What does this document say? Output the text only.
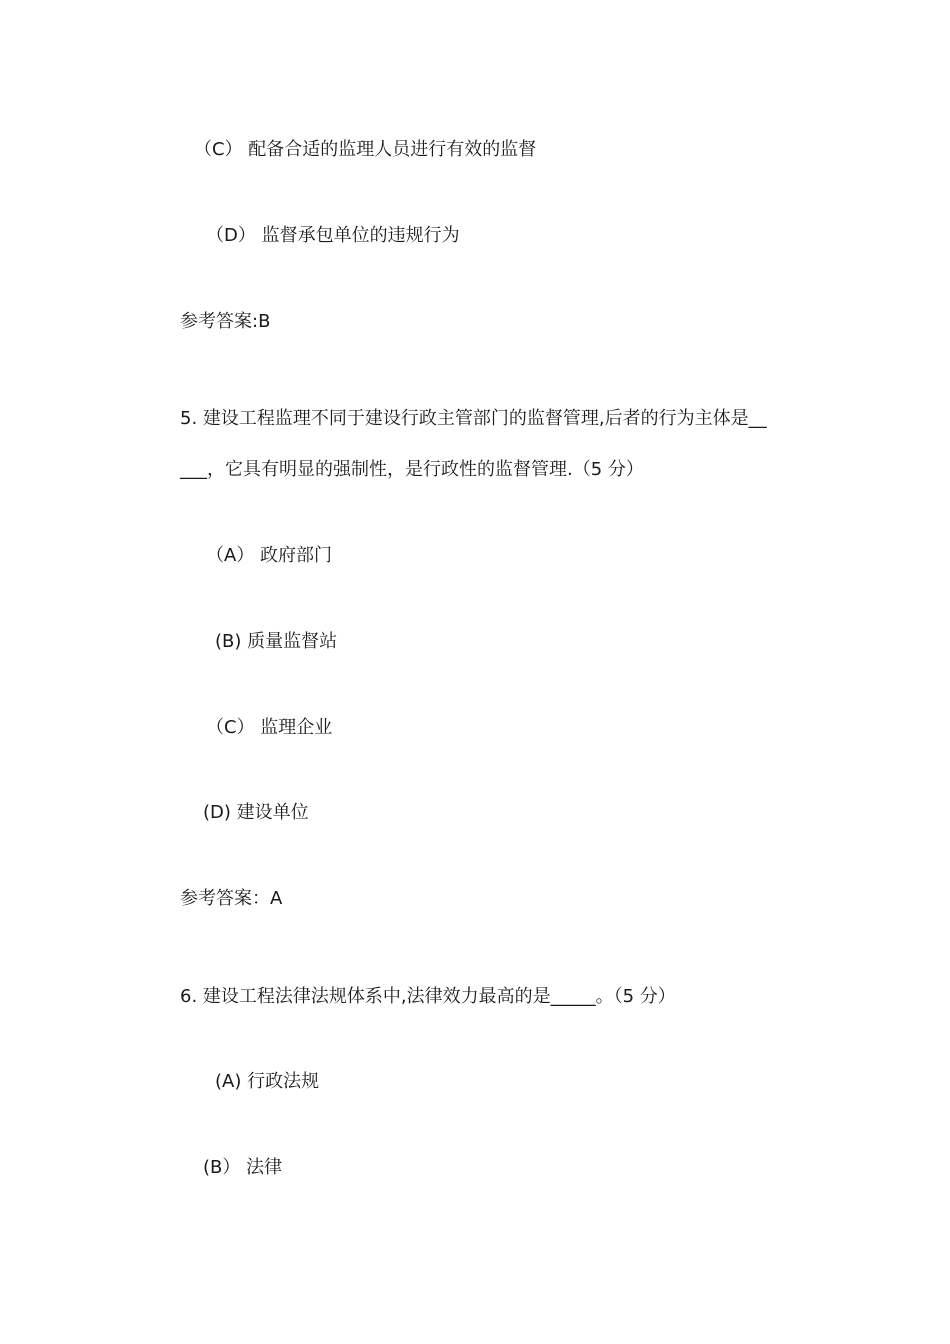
（C） 配备合适的监理人员进行有效的监督
（D） 监督承包单位的违规行为
参考答案:B
5. 建设工程监理不同于建设行政主管部门的监督管理,后者的行为主体是__
___，它具有明显的强制性，是行政性的监督管理.（5 分）
（A） 政府部门
(B) 质量监督站
（C） 监理企业
(D) 建设单位
参考答案：A
6. 建设工程法律法规体系中,法律效力最高的是_____。（5 分）
(A) 行政法规
(B） 法律
